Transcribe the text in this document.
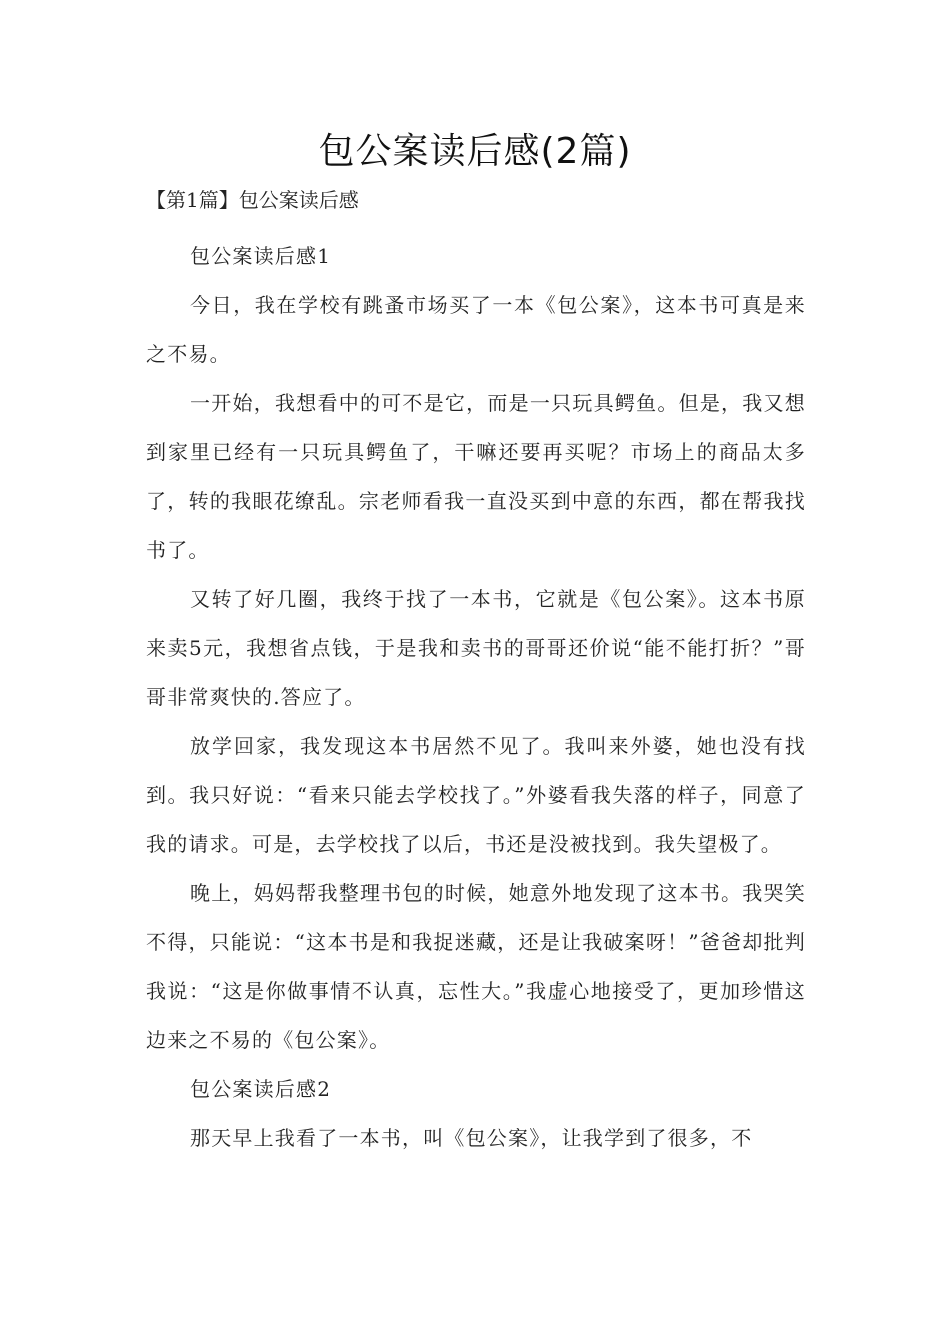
包公案读后感(2篇)
【第1篇】包公案读后感

包公案读后感1

今日，我在学校有跳蚤市场买了一本《包公案》，这本书可真是来之不易。

一开始，我想看中的可不是它，而是一只玩具鳄鱼。但是，我又想到家里已经有一只玩具鳄鱼了，干嘛还要再买呢？市场上的商品太多了，转的我眼花缭乱。宗老师看我一直没买到中意的东西，都在帮我找书了。

又转了好几圈，我终于找了一本书，它就是《包公案》。这本书原来卖5元，我想省点钱，于是我和卖书的哥哥还价说“能不能打折？”哥哥非常爽快的.答应了。

放学回家，我发现这本书居然不见了。我叫来外婆，她也没有找到。我只好说：“看来只能去学校找了。”外婆看我失落的样子，同意了我的请求。可是，去学校找了以后，书还是没被找到。我失望极了。

晚上，妈妈帮我整理书包的时候，她意外地发现了这本书。我哭笑不得，只能说：“这本书是和我捉迷藏，还是让我破案呀！”爸爸却批判我说：“这是你做事情不认真，忘性大。”我虚心地接受了，更加珍惜这边来之不易的《包公案》。

包公案读后感2

那天早上我看了一本书，叫《包公案》，让我学到了很多，不
